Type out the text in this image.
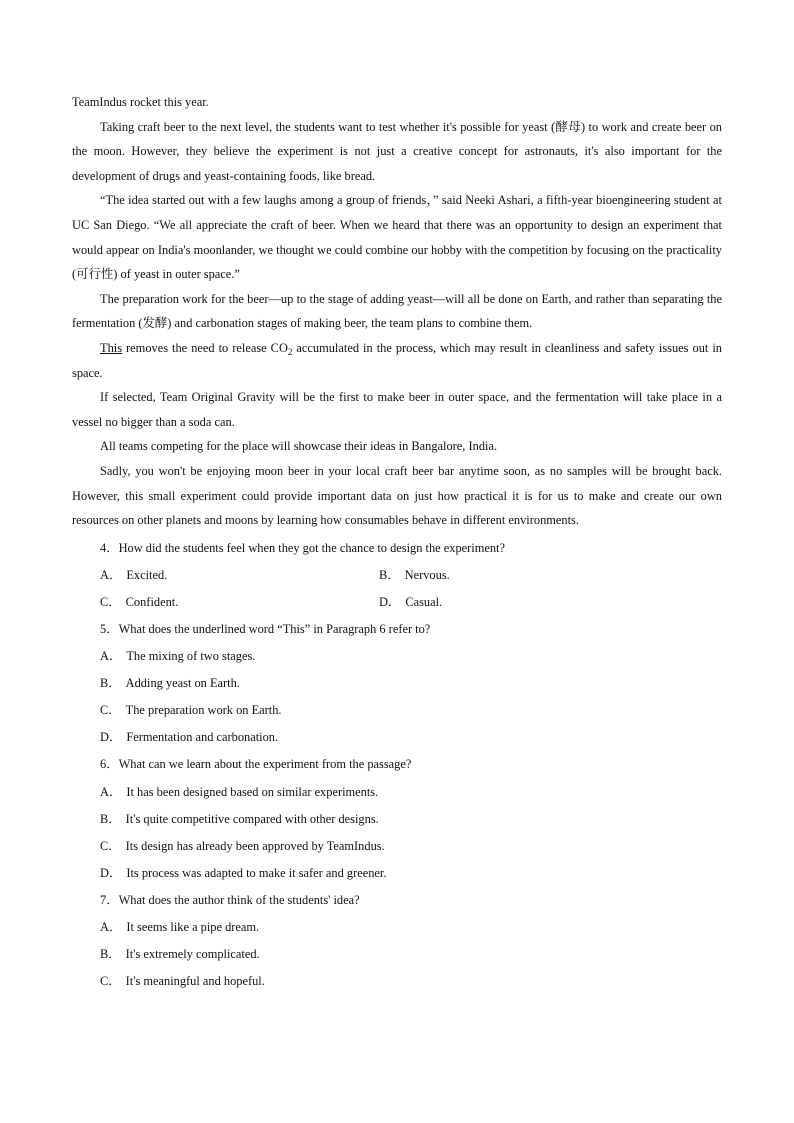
TeamIndus rocket this year.

Taking craft beer to the next level, the students want to test whether it's possible for yeast (酵母) to work and create beer on the moon. However, they believe the experiment is not just a creative concept for astronauts, it's also important for the development of drugs and yeast-containing foods, like bread.

“The idea started out with a few laughs among a group of friends，” said Neeki Ashari, a fifth-year bioengineering student at UC San Diego. “We all appreciate the craft of beer. When we heard that there was an opportunity to design an experiment that would appear on India's moonlander, we thought we could combine our hobby with the competition by focusing on the practicality (可行性) of yeast in outer space.”

The preparation work for the beer—up to the stage of adding yeast—will all be done on Earth, and rather than separating the fermentation (发酵) and carbonation stages of making beer, the team plans to combine them.

This removes the need to release $CO_2$ accumulated in the process, which may result in cleanliness and safety issues out in space.

If selected, Team Original Gravity will be the first to make beer in outer space, and the fermentation will take place in a vessel no bigger than a soda can.

All teams competing for the place will showcase their ideas in Bangalore, India.

Sadly, you won't be enjoying moon beer in your local craft beer bar anytime soon, as no samples will be brought back. However, this small experiment could provide important data on just how practical it is for us to make and create our own resources on other planets and moons by learning how consumables behave in different environments.

4．How did the students feel when they got the chance to design the experiment?

A． Excited.	B． Nervous.
C． Confident.	D． Casual.

5．What does the underlined word “This” in Paragraph 6 refer to?

A． The mixing of two stages.

B． Adding yeast on Earth.

C． The preparation work on Earth.

D． Fermentation and carbonation.

6．What can we learn about the experiment from the passage?

A． It has been designed based on similar experiments.

B． It's quite competitive compared with other designs.

C． Its design has already been approved by TeamIndus.

D． Its process was adapted to make it safer and greener.

7．What does the author think of the students' idea?

A． It seems like a pipe dream.

B． It's extremely complicated.

C． It's meaningful and hopeful.
